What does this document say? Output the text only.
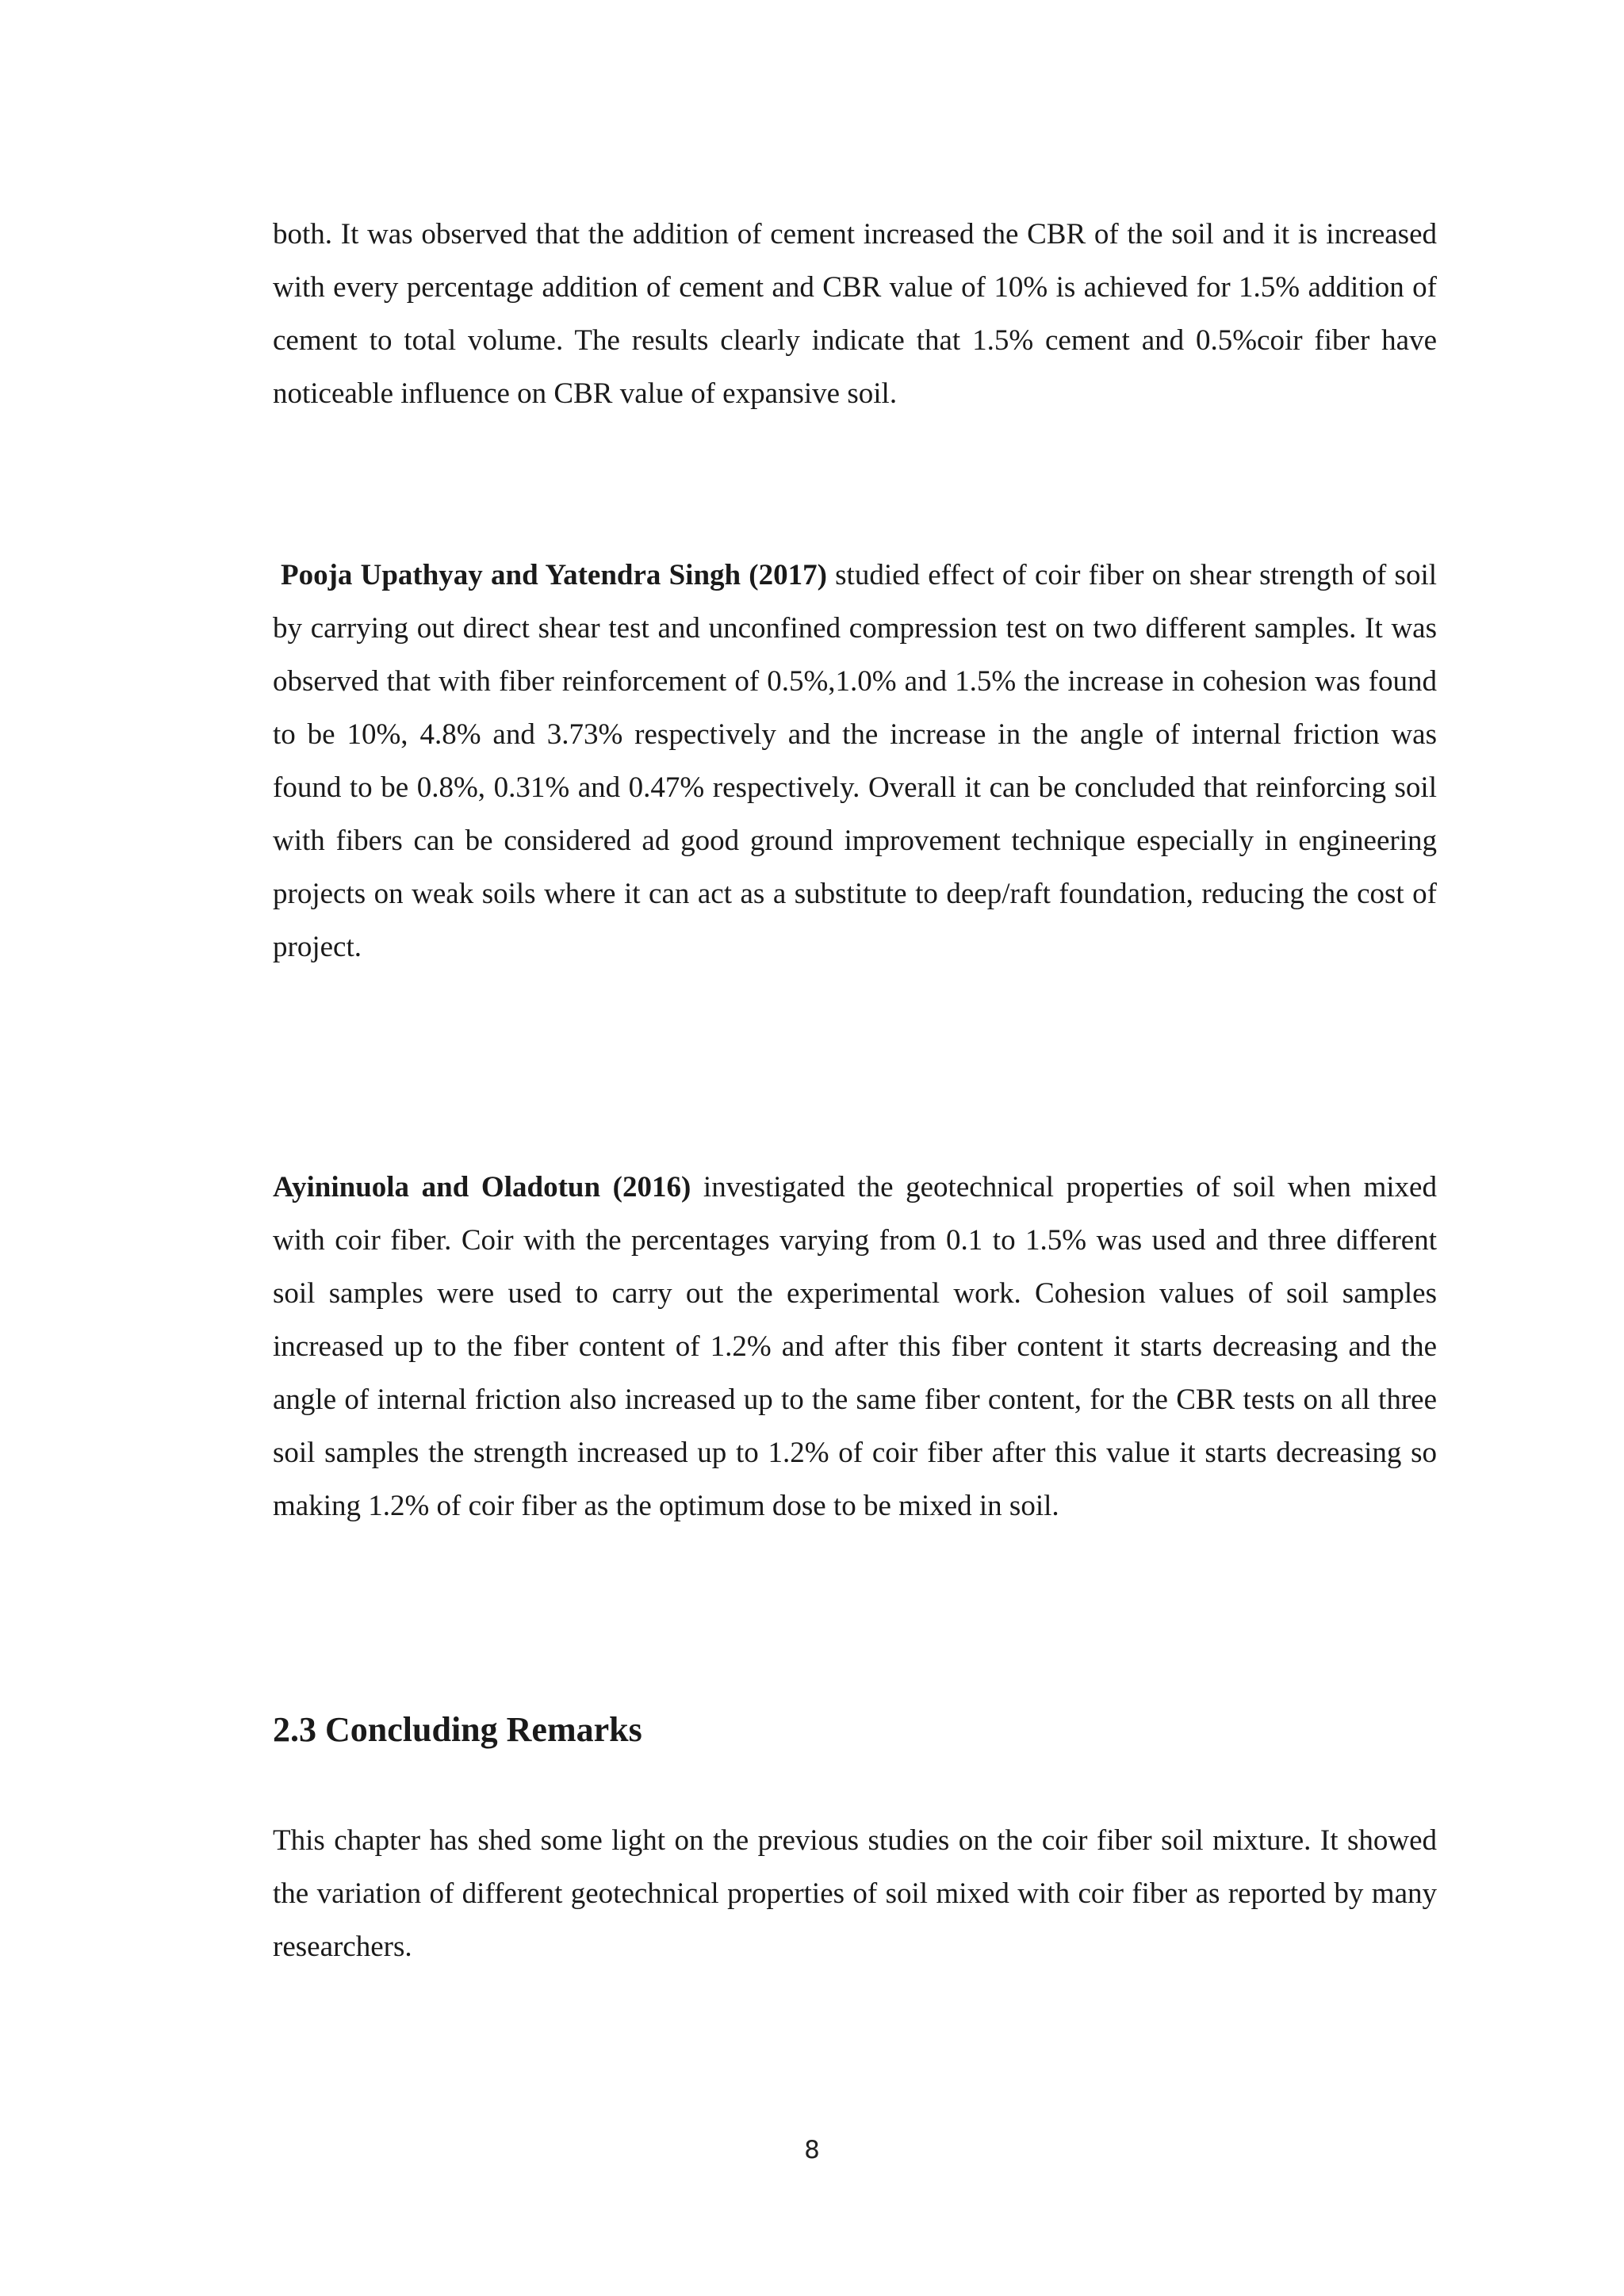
both. It was observed that the addition of cement increased the CBR of the soil and it is increased with every percentage addition of cement and CBR value of 10% is achieved for 1.5% addition of cement to total volume. The results clearly indicate that 1.5% cement and 0.5%coir fiber have noticeable influence on CBR value of expansive soil.

Pooja Upathyay and Yatendra Singh (2017) studied effect of coir fiber on shear strength of soil by carrying out direct shear test and unconfined compression test on two different samples. It was observed that with fiber reinforcement of 0.5%,1.0% and 1.5% the increase in cohesion was found to be 10%, 4.8% and 3.73% respectively and the increase in the angle of internal friction was found to be 0.8%, 0.31% and 0.47% respectively. Overall it can be concluded that reinforcing soil with fibers can be considered ad good ground improvement technique especially in engineering projects on weak soils where it can act as a substitute to deep/raft foundation, reducing the cost of project.

Ayininuola and Oladotun (2016) investigated the geotechnical properties of soil when mixed with coir fiber. Coir with the percentages varying from 0.1 to 1.5% was used and three different soil samples were used to carry out the experimental work. Cohesion values of soil samples increased up to the fiber content of 1.2% and after this fiber content it starts decreasing and the angle of internal friction also increased up to the same fiber content, for the CBR tests on all three soil samples the strength increased up to 1.2% of coir fiber after this value it starts decreasing so making 1.2% of coir fiber as the optimum dose to be mixed in soil.

2.3 Concluding Remarks

This chapter has shed some light on the previous studies on the coir fiber soil mixture. It showed the variation of different geotechnical properties of soil mixed with coir fiber as reported by many researchers.

8
